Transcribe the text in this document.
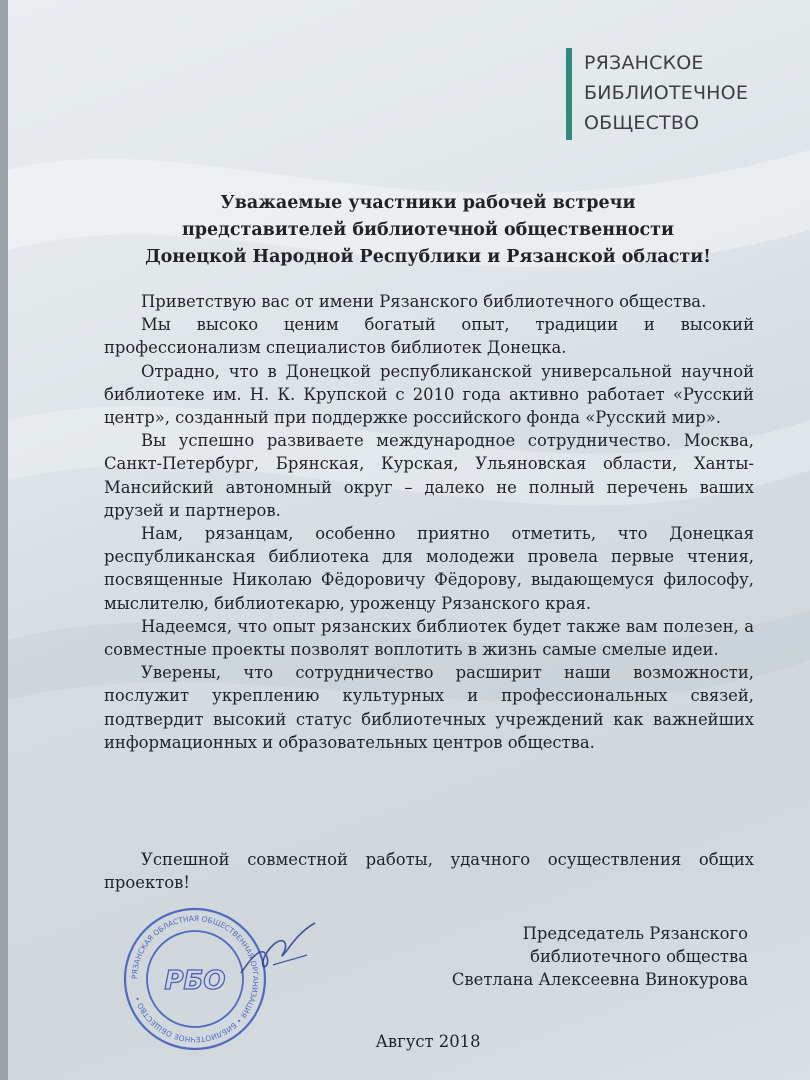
РЯЗАНСКОЕ
БИБЛИОТЕЧНОЕ
ОБЩЕСТВО
Уважаемые участники рабочей встречи
представителей библиотечной общественности
Донецкой Народной Республики и Рязанской области!

Приветствую вас от имени Рязанского библиотечного общества.

Мы высоко ценим богатый опыт, традиции и высокий профессионализм специалистов библиотек Донецка.

Отрадно, что в Донецкой республиканской универсальной научной библиотеке им. Н. К. Крупской с 2010 года активно работает «Русский центр», созданный при поддержке российского фонда «Русский мир».

Вы успешно развиваете международное сотрудничество. Москва, Санкт-Петербург, Брянская, Курская, Ульяновская области, Ханты-Мансийский автономный округ – далеко не полный перечень ваших друзей и партнеров.

Нам, рязанцам, особенно приятно отметить, что Донецкая республиканская библиотека для молодежи провела первые чтения, посвященные Николаю Фёдоровичу Фёдорову, выдающемуся философу, мыслителю, библиотекарю, уроженцу Рязанского края.

Надеемся, что опыт рязанских библиотек будет также вам полезен, а совместные проекты позволят воплотить в жизнь самые смелые идеи.

Уверены, что сотрудничество расширит наши возможности, послужит укреплению культурных и профессиональных связей, подтвердит высокий статус библиотечных учреждений как важнейших информационных и образовательных центров общества.

Успешной совместной работы, удачного осуществления общих проектов!
РЯЗАНСКАЯ ОБЛАСТНАЯ ОБЩЕСТВЕННАЯ ОРГАНИЗАЦИЯ • БИБЛИОТЕЧНОЕ ОБЩЕСТВО •
РБО
Председатель Рязанского
библиотечного общества
Светлана Алексеевна Винокурова
Август 2018
